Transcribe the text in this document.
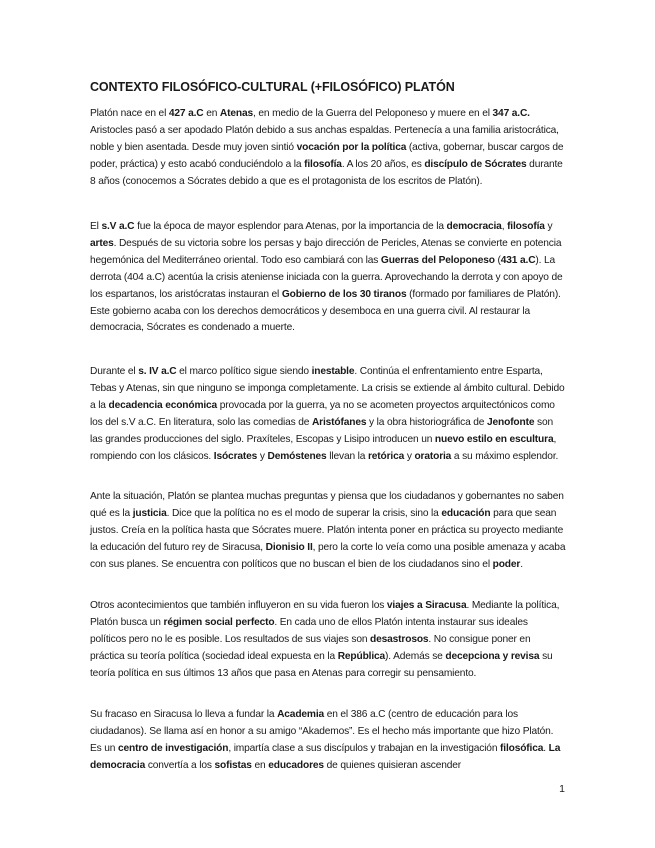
CONTEXTO FILOSÓFICO-CULTURAL (+FILOSÓFICO) PLATÓN

Platón nace en el 427 a.C en Atenas, en medio de la Guerra del Peloponeso y muere en el 347 a.C. Aristocles pasó a ser apodado Platón debido a sus anchas espaldas. Pertenecía a una familia aristocrática, noble y bien asentada. Desde muy joven sintió vocación por la política (activa, gobernar, buscar cargos de poder, práctica) y esto acabó conduciéndolo a la filosofía. A los 20 años, es discípulo de Sócrates durante 8 años (conocemos a Sócrates debido a que es el protagonista de los escritos de Platón).

El s.V a.C fue la época de mayor esplendor para Atenas, por la importancia de la democracia, filosofía y artes. Después de su victoria sobre los persas y bajo dirección de Pericles, Atenas se convierte en potencia hegemónica del Mediterráneo oriental. Todo eso cambiará con las Guerras del Peloponeso (431 a.C). La derrota (404 a.C) acentúa la crisis ateniense iniciada con la guerra. Aprovechando la derrota y con apoyo de los espartanos, los aristócratas instauran el Gobierno de los 30 tiranos (formado por familiares de Platón). Este gobierno acaba con los derechos democráticos y desemboca en una guerra civil. Al restaurar la democracia, Sócrates es condenado a muerte.

Durante el s. IV a.C el marco político sigue siendo inestable. Continúa el enfrentamiento entre Esparta, Tebas y Atenas, sin que ninguno se imponga completamente. La crisis se extiende al ámbito cultural. Debido a la decadencia económica provocada por la guerra, ya no se acometen proyectos arquitectónicos como los del s.V a.C. En literatura, solo las comedias de Aristófanes y la obra historiográfica de Jenofonte son las grandes producciones del siglo. Praxíteles, Escopas y Lisipo introducen un nuevo estilo en escultura, rompiendo con los clásicos. Isócrates y Demóstenes llevan la retórica y oratoria a su máximo esplendor.

Ante la situación, Platón se plantea muchas preguntas y piensa que los ciudadanos y gobernantes no saben qué es la justicia. Dice que la política no es el modo de superar la crisis, sino la educación para que sean justos. Creía en la política hasta que Sócrates muere. Platón intenta poner en práctica su proyecto mediante la educación del futuro rey de Siracusa, Dionisio II, pero la corte lo veía como una posible amenaza y acaba con sus planes. Se encuentra con políticos que no buscan el bien de los ciudadanos sino el poder.

Otros acontecimientos que también influyeron en su vida fueron los viajes a Siracusa. Mediante la política, Platón busca un régimen social perfecto. En cada uno de ellos Platón intenta instaurar sus ideales políticos pero no le es posible. Los resultados de sus viajes son desastrosos. No consigue poner en práctica su teoría política (sociedad ideal expuesta en la República). Además se decepciona y revisa su teoría política en sus últimos 13 años que pasa en Atenas para corregir su pensamiento.

Su fracaso en Siracusa lo lleva a fundar la Academia en el 386 a.C (centro de educación para los ciudadanos). Se llama así en honor a su amigo “Akademos”. Es el hecho más importante que hizo Platón. Es un centro de investigación, impartía clase a sus discípulos y trabajan en la investigación filosófica. La democracia convertía a los sofistas en educadores de quienes quisieran ascender

1
